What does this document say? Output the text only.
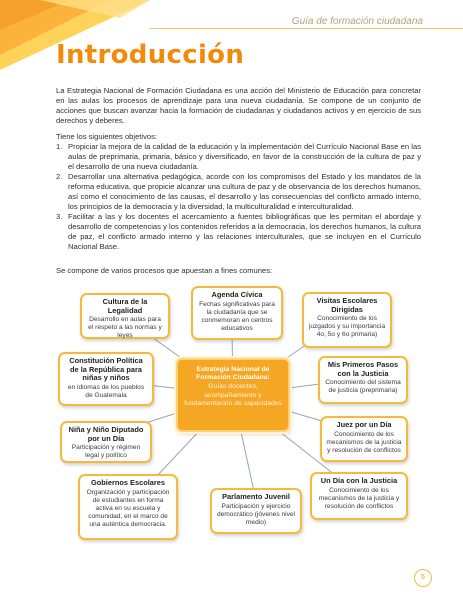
Guía de formación ciudadana
Introducción

La Estrategia Nacional de Formación Ciudadana es una acción del Ministerio de Educación para concretar en las aulas los procesos de aprendizaje para una nueva ciudadanía. Se compone de un conjunto de acciones que buscan avanzar hacia la formación de ciudadanas y ciudadanos activos y en ejercicio de sus derechos y deberes.

Tiene los siguientes objetivos:

1. Propiciar la mejora de la calidad de la educación y la implementación del Currículo Nacional Base en las aulas de preprimaria, primaria, básico y diversificado, en favor de la construcción de la cultura de paz y el desarrollo de una nueva ciudadanía.
2. Desarrollar una alternativa pedagógica, acorde con los compromisos del Estado y los mandatos de la reforma educativa, que propicie alcanzar una cultura de paz y de observancia de los derechos humanos, así como el conocimiento de las causas, el desarrollo y las consecuencias del conflicto armado interno, los principios de la democracia y la diversidad, la multiculturalidad e interculturalidad.
3. Facilitar a las y los docentes el acercamiento a fuentes bibliográficas que les permitan el abordaje y desarrollo de competencias y los contenidos referidos a la democracia, los derechos humanos, la cultura de paz, el conflicto armado interno y las relaciones interculturales, que se incluyen en el Currículo Nacional Base.

Se compone de varios procesos que apuestan a fines comunes:

Cultura de la Legalidad
Desarrollo en aulas para el respeto a las normas y leyes
Agenda Cívica
Fechas significativas para la ciudadanía que se conmemoran en centros educativos
Visitas Escolares Dirigidas
Conocimiento de los juzgados y su importancia 4o, 5o y 6o primaria)
Constitución Política de la República para niñas y niños
en idiomas de los pueblos de Guatemala
Mis Primeros Pasos con la Justicia
Conocimiento del sistema de justicia (preprimaria)
Niña y Niño Diputado por un Día
Participación y régimen legal y político
Juez por un Día
Conocimiento de los mecanismos de la justicia y resolución de conflictos
Gobiernos Escolares
Organización y participación de estudiantes en forma activa en su escuela y comunidad, en el marco de una auténtica democracia.
Parlamento Juvenil
Participación y ejercicio democrático (jóvenes nivel medio)
Un Día con la Justicia
Conocimiento de los mecanismos de la justicia y resolución de conflictos
Estrategia Nacional de Formación Ciudadana:
Guías docentes, acompañamiento y fundamentación de capacidades
5
